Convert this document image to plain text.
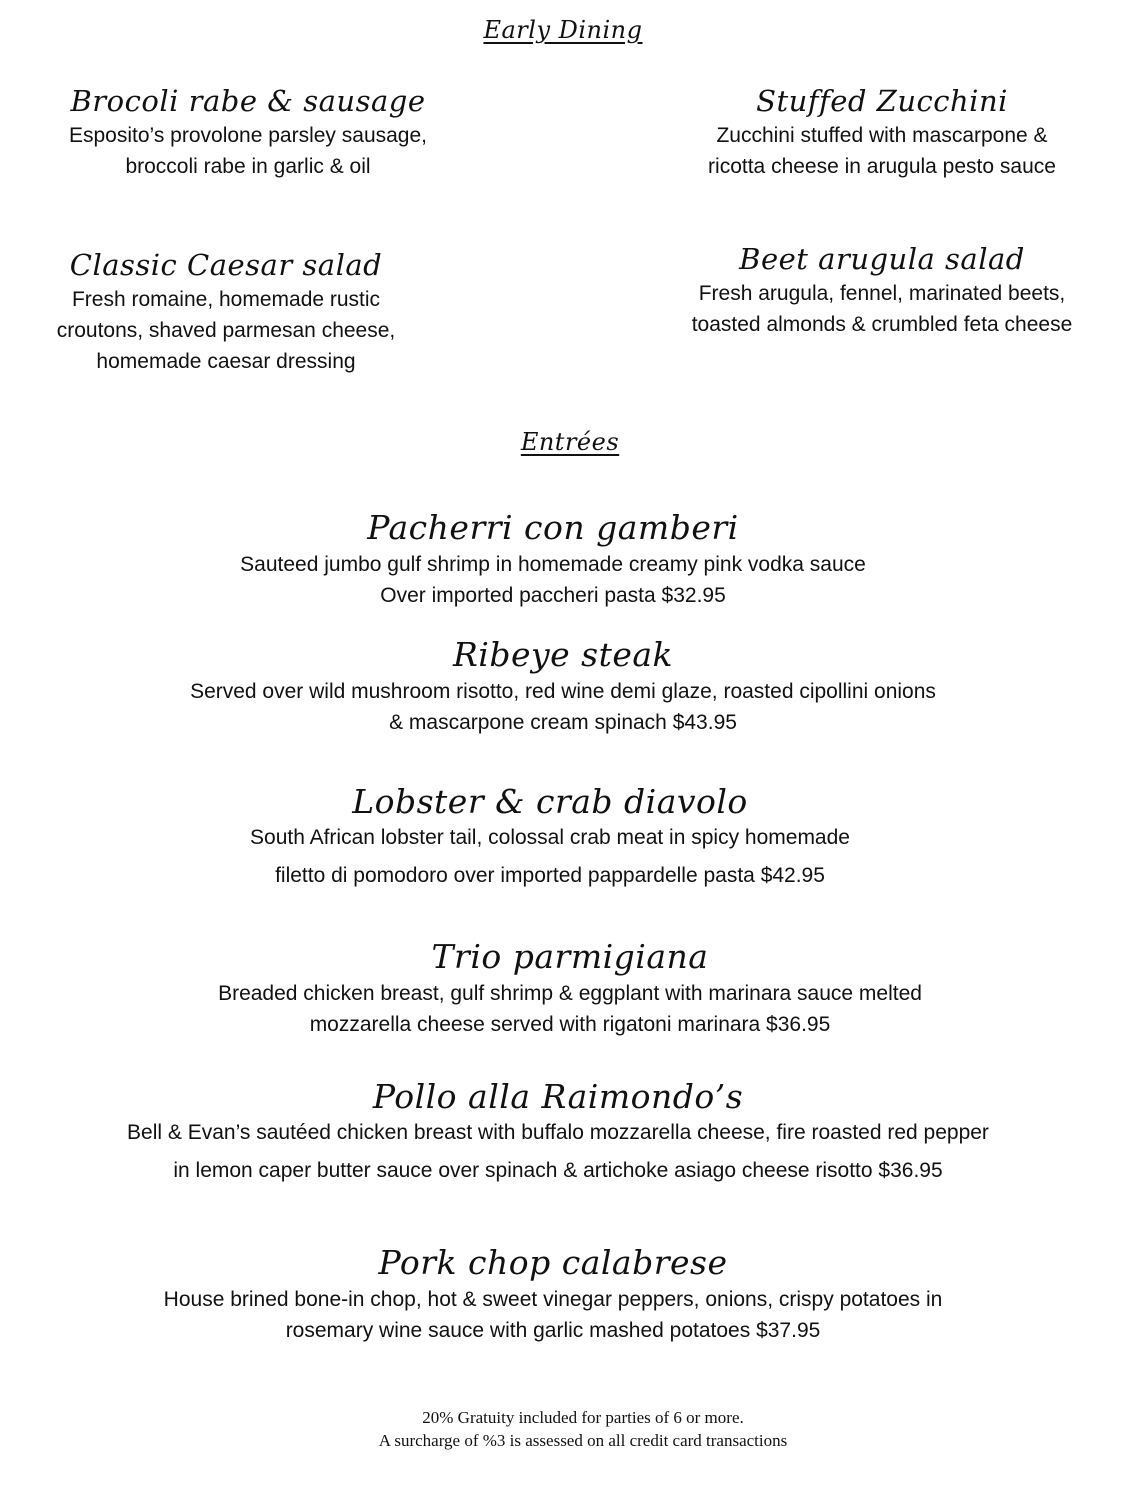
Early Dining
Brocoli rabe & sausage
Esposito’s provolone parsley sausage,
broccoli rabe in garlic & oil
Stuffed Zucchini
Zucchini stuffed with mascarpone &
ricotta cheese in arugula pesto sauce
Classic Caesar salad
Fresh romaine, homemade rustic
croutons, shaved parmesan cheese,
homemade caesar dressing
Beet arugula salad
Fresh arugula, fennel, marinated beets,
toasted almonds & crumbled feta cheese
Entrées
Pacherri con gamberi
Sauteed jumbo gulf shrimp in homemade creamy pink vodka sauce
Over imported paccheri pasta $32.95
Ribeye steak
Served over wild mushroom risotto, red wine demi glaze, roasted cipollini onions
& mascarpone cream spinach $43.95
Lobster & crab diavolo
South African lobster tail, colossal crab meat in spicy homemade
filetto di pomodoro over imported pappardelle pasta $42.95
Trio parmigiana
Breaded chicken breast, gulf shrimp & eggplant with marinara sauce melted
mozzarella cheese served with rigatoni marinara $36.95
Pollo alla Raimondo’s
Bell & Evan’s sautéed chicken breast with buffalo mozzarella cheese, fire roasted red pepper
in lemon caper butter sauce over spinach & artichoke asiago cheese risotto $36.95
Pork chop calabrese
House brined bone-in chop, hot & sweet vinegar peppers, onions, crispy potatoes in
rosemary wine sauce with garlic mashed potatoes $37.95
20% Gratuity included for parties of 6 or more.
A surcharge of %3 is assessed on all credit card transactions
